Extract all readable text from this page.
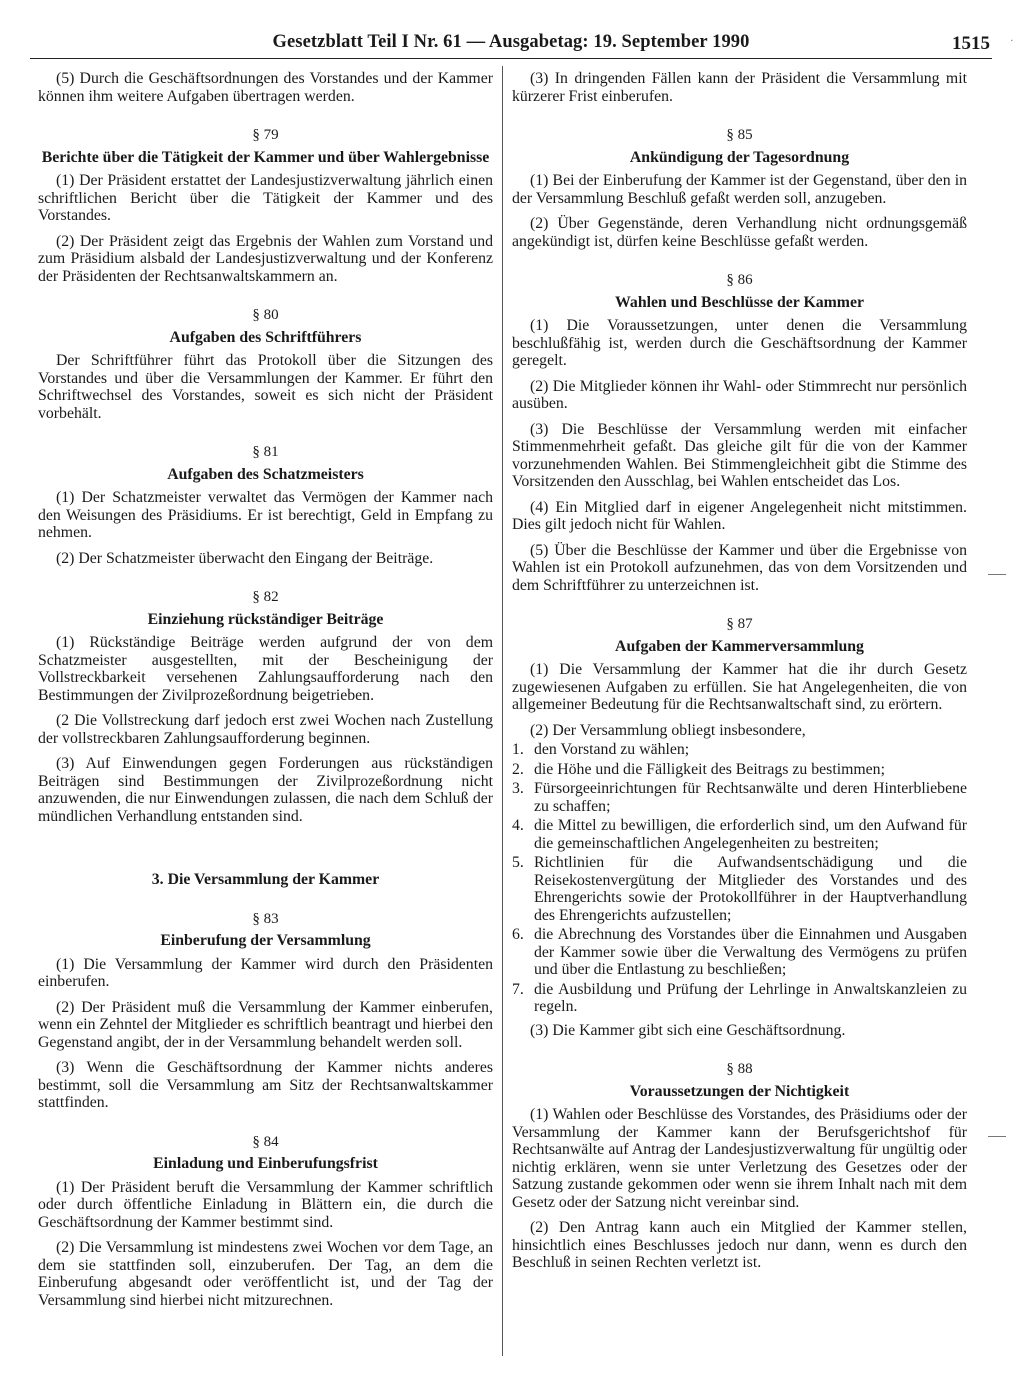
Gesetzblatt Teil I Nr. 61 — Ausgabetag: 19. September 1990	1515 ˙

(5) Durch die Geschäftsordnungen des Vorstandes und der Kammer können ihm weitere Aufgaben übertragen werden.

§ 79
Berichte über die Tätigkeit der Kammer und über Wahlergebnisse

(1) Der Präsident erstattet der Landesjustizverwaltung jährlich einen schriftlichen Bericht über die Tätigkeit der Kammer und des Vorstandes.

(2) Der Präsident zeigt das Ergebnis der Wahlen zum Vorstand und zum Präsidium alsbald der Landesjustizverwaltung und der Konferenz der Präsidenten der Rechtsanwaltskammern an.

§ 80
Aufgaben des Schriftführers

Der Schriftführer führt das Protokoll über die Sitzungen des Vorstandes und über die Versammlungen der Kammer. Er führt den Schriftwechsel des Vorstandes, soweit es sich nicht der Präsident vorbehält.

§ 81
Aufgaben des Schatzmeisters

(1) Der Schatzmeister verwaltet das Vermögen der Kammer nach den Weisungen des Präsidiums. Er ist berechtigt, Geld in Empfang zu nehmen.

(2) Der Schatzmeister überwacht den Eingang der Beiträge.

§ 82
Einziehung rückständiger Beiträge

(1) Rückständige Beiträge werden aufgrund der von dem Schatzmeister ausgestellten, mit der Bescheinigung der Vollstreckbarkeit versehenen Zahlungsaufforderung nach den Bestimmungen der Zivilprozeßordnung beigetrieben.

(2 Die Vollstreckung darf jedoch erst zwei Wochen nach Zustellung der vollstreckbaren Zahlungsaufforderung beginnen.

(3) Auf Einwendungen gegen Forderungen aus rückständigen Beiträgen sind Bestimmungen der Zivilprozeßordnung nicht anzuwenden, die nur Einwendungen zulassen, die nach dem Schluß der mündlichen Verhandlung entstanden sind.

3. Die Versammlung der Kammer
§ 83
Einberufung der Versammlung

(1) Die Versammlung der Kammer wird durch den Präsidenten einberufen.

(2) Der Präsident muß die Versammlung der Kammer einberufen, wenn ein Zehntel der Mitglieder es schriftlich beantragt und hierbei den Gegenstand angibt, der in der Versammlung behandelt werden soll.

(3) Wenn die Geschäftsordnung der Kammer nichts anderes bestimmt, soll die Versammlung am Sitz der Rechtsanwaltskammer stattfinden.

§ 84
Einladung und Einberufungsfrist

(1) Der Präsident beruft die Versammlung der Kammer schriftlich oder durch öffentliche Einladung in Blättern ein, die durch die Geschäftsordnung der Kammer bestimmt sind.

(2) Die Versammlung ist mindestens zwei Wochen vor dem Tage, an dem sie stattfinden soll, einzuberufen. Der Tag, an dem die Einberufung abgesandt oder veröffentlicht ist, und der Tag der Versammlung sind hierbei nicht mitzurechnen.

(3) In dringenden Fällen kann der Präsident die Versammlung mit kürzerer Frist einberufen.

§ 85
Ankündigung der Tagesordnung

(1) Bei der Einberufung der Kammer ist der Gegenstand, über den in der Versammlung Beschluß gefaßt werden soll, anzugeben.

(2) Über Gegenstände, deren Verhandlung nicht ordnungsgemäß angekündigt ist, dürfen keine Beschlüsse gefaßt werden.

§ 86
Wahlen und Beschlüsse der Kammer

(1) Die Voraussetzungen, unter denen die Versammlung beschlußfähig ist, werden durch die Geschäftsordnung der Kammer geregelt.

(2) Die Mitglieder können ihr Wahl- oder Stimmrecht nur persönlich ausüben.

(3) Die Beschlüsse der Versammlung werden mit einfacher Stimmenmehrheit gefaßt. Das gleiche gilt für die von der Kammer vorzunehmenden Wahlen. Bei Stimmengleichheit gibt die Stimme des Vorsitzenden den Ausschlag, bei Wahlen entscheidet das Los.

(4) Ein Mitglied darf in eigener Angelegenheit nicht mitstimmen. Dies gilt jedoch nicht für Wahlen.

(5) Über die Beschlüsse der Kammer und über die Ergebnisse von Wahlen ist ein Protokoll aufzunehmen, das von dem Vorsitzenden und dem Schriftführer zu unterzeichnen ist.

§ 87
Aufgaben der Kammerversammlung

(1) Die Versammlung der Kammer hat die ihr durch Gesetz zugewiesenen Aufgaben zu erfüllen. Sie hat Angelegenheiten, die von allgemeiner Bedeutung für die Rechtsanwaltschaft sind, zu erörtern.

(2) Der Versammlung obliegt insbesondere,

1. den Vorstand zu wählen;
2. die Höhe und die Fälligkeit des Beitrags zu bestimmen;
3. Fürsorgeeinrichtungen für Rechtsanwälte und deren Hinterbliebene zu schaffen;
4. die Mittel zu bewilligen, die erforderlich sind, um den Aufwand für die gemeinschaftlichen Angelegenheiten zu bestreiten;
5. Richtlinien für die Aufwandsentschädigung und die Reisekostenvergütung der Mitglieder des Vorstandes und des Ehrengerichts sowie der Protokollführer in der Hauptverhandlung des Ehrengerichts aufzustellen;
6. die Abrechnung des Vorstandes über die Einnahmen und Ausgaben der Kammer sowie über die Verwaltung des Vermögens zu prüfen und über die Entlastung zu beschließen;
7. die Ausbildung und Prüfung der Lehrlinge in Anwaltskanzleien zu regeln.

(3) Die Kammer gibt sich eine Geschäftsordnung.

§ 88
Voraussetzungen der Nichtigkeit

(1) Wahlen oder Beschlüsse des Vorstandes, des Präsidiums oder der Versammlung der Kammer kann der Berufsgerichtshof für Rechtsanwälte auf Antrag der Landesjustizverwaltung für ungültig oder nichtig erklären, wenn sie unter Verletzung des Gesetzes oder der Satzung zustande gekommen oder wenn sie ihrem Inhalt nach mit dem Gesetz oder der Satzung nicht vereinbar sind.

(2) Den Antrag kann auch ein Mitglied der Kammer stellen, hinsichtlich eines Beschlusses jedoch nur dann, wenn es durch den Beschluß in seinen Rechten verletzt ist.
